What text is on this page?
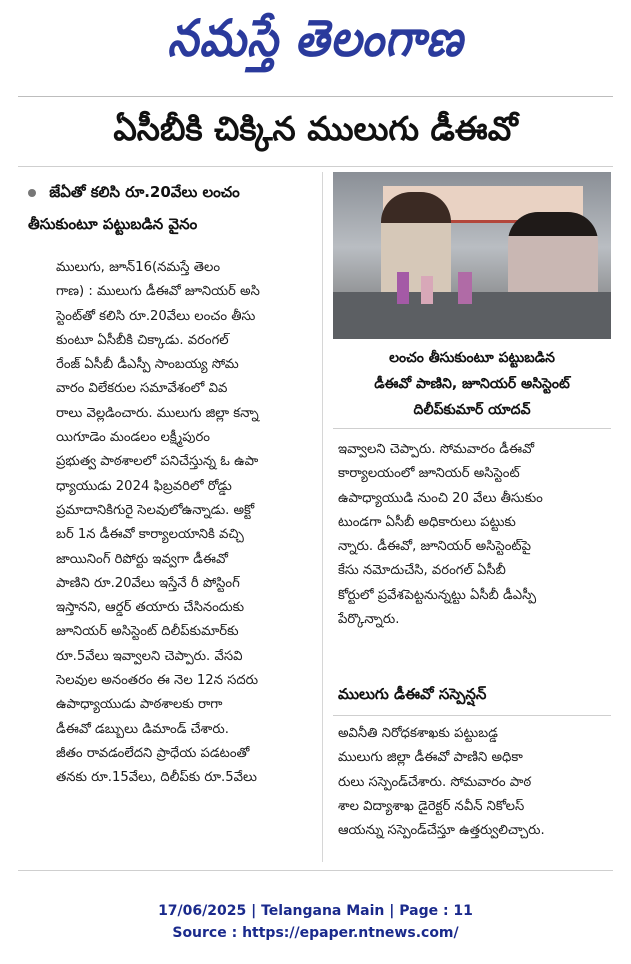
నమస్తే తెలంగాణ
ఏసీబీకి చిక్కిన ములుగు డీఈవో
జేఏతో కలిసి రూ.20వేలు లంచం
తీసుకుంటూ పట్టుబడిన వైనం
ములుగు, జూన్16(నమస్తే తెలం
గాణ) : ములుగు డీఈవో జూనియర్ అసి
స్టెంట్‌తో కలిసి రూ.20వేలు లంచం తీసు
కుంటూ ఏసీబీకి చిక్కాడు. వరంగల్
రేంజ్ ఏసీబీ డీఎస్పీ సాంబయ్య సోమ
వారం విలేకరుల సమావేశంలో వివ
రాలు వెల్లడించారు. ములుగు జిల్లా కన్నా
యిగూడెం మండలం లక్ష్మీపురం
ప్రభుత్వ పాఠశాలలో పనిచేస్తున్న ఓ ఉపా
ధ్యాయుడు 2024 ఫిబ్రవరిలో రోడ్డు
ప్రమాదానికిగురై సెలవులోఉన్నాడు. అక్టో
బర్ 1న డీఈవో కార్యాలయానికి వచ్చి
జాయినింగ్ రిపోర్టు ఇవ్వగా డీఈవో
పాణిని రూ.20వేలు ఇస్తేనే రీ పోస్టింగ్
ఇస్తానని, ఆర్డర్ తయారు చేసినందుకు
జూనియర్ అసిస్టెంట్ దిలీప్‌కుమార్‌కు
రూ.5వేలు ఇవ్వాలని చెప్పారు. వేసవి
సెలవుల అనంతరం ఈ నెల 12న సదరు
ఉపాధ్యాయుడు పాఠశాలకు రాగా
డీఈవో డబ్బులు డిమాండ్ చేశారు.
జీతం రావడంలేదని ప్రాధేయ పడటంతో
తనకు రూ.15వేలు, దిలీప్‌కు రూ.5వేలు
లంచం తీసుకుంటూ పట్టుబడిన
డీఈవో పాణిని, జూనియర్ అసిస్టెంట్
దిలీప్‌కుమార్ యాదవ్
ఇవ్వాలని చెప్పారు. సోమవారం డీఈవో
కార్యాలయంలో జూనియర్ అసిస్టెంట్
ఉపాధ్యాయుడి నుంచి 20 వేలు తీసుకుం
టుండగా ఏసీబీ అధికారులు పట్టుకు
న్నారు. డీఈవో, జూనియర్ అసిస్టెంట్‌పై
కేసు నమోదుచేసి, వరంగల్ ఏసీబీ
కోర్టులో ప్రవేశపెట్టనున్నట్టు ఏసీబీ డీఎస్పీ
పేర్కొన్నారు.
ములుగు డీఈవో సస్పెన్షన్
అవినీతి నిరోధకశాఖకు పట్టుబడ్డ
ములుగు జిల్లా డీఈవో పాణిని అధికా
రులు సస్పెండ్‌చేశారు. సోమవారం పాఠ
శాల విద్యాశాఖ డైరెక్టర్ నవీన్ నికోలస్
ఆయన్ను సస్పెండ్‌చేస్తూ ఉత్తర్వులిచ్చారు.
17/06/2025 | Telangana Main | Page : 11
Source : https://epaper.ntnews.com/
